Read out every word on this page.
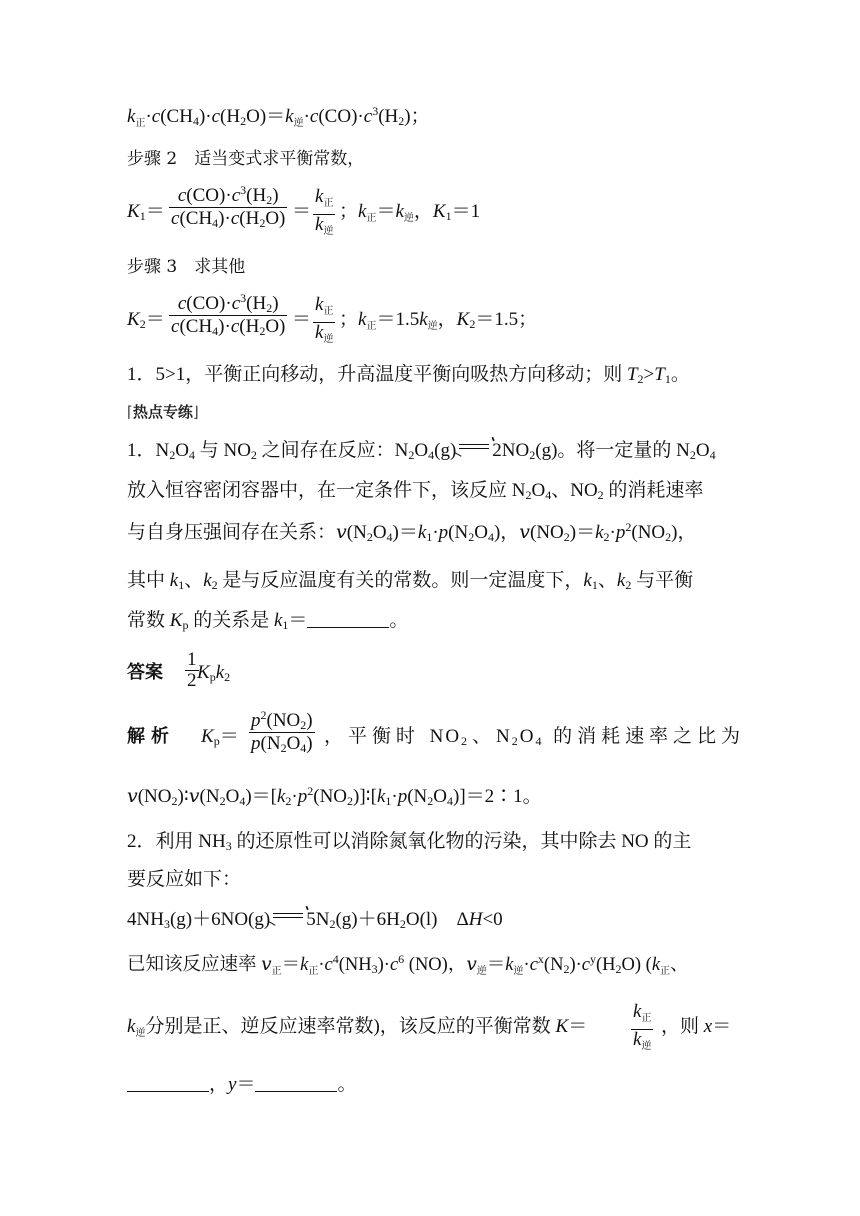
$k_正\cdot c(CH_4)\cdot c(H_2O)=k_逆\cdot c(CO)\cdot c^3(H_2)$；
步骤 2　适当变式求平衡常数，
$K_1= \frac{c(CO)\cdot c^3(H_2)}{c(CH_4)\cdot c(H_2O)}$ ＝
$k_正$
$k_逆$
；$k_正=k_逆$，$K_1=1$
步骤 3　求其他
$K_2= \frac{c(CO)\cdot c^3(H_2)}{c(CH_4)\cdot c(H_2O)}$ ＝
$k_正$
$k_逆$
；$k_正=1.5k_逆$，$K_2=1.5$；
1．5>1，平衡正向移动，升高温度平衡向吸热方向移动；则 $T_2>T_1$。
⌈热点专练⌋
1．$N_2O_4$ 与 $NO_2$ 之间存在反应：$N_2O_4(g)\to 2NO_2(g)$。将一定量的 $N_2O_4$
放入恒容密闭容器中，在一定条件下，该反应 $N_2O_4$、$NO_2$ 的消耗速率
与自身压强间存在关系：$v(N_2O_4)=k_1\cdot p(N_2O_4)$，$v(NO_2)=k_2\cdot p^2(NO_2)$，
其中 $k_1$、$k_2$ 是与反应温度有关的常数。则一定温度下，$k_1$、$k_2$ 与平衡
常数 $K_p$ 的关系是 $k_1=$	。
答案 $\frac{1}{2}$
$K_pk_2$
解析 $K_p= \frac{p^2(NO_2)}{p(N_2O_4)}$ ，平衡时 $NO_2$、$N_2O_4$ 的消耗速率之比为
$v(NO_2)∶v(N_2O_4)=[k_2\cdot p^2(NO_2)]∶[k_1\cdot p(N_2O_4)]=2∶1$。
2．利用 $NH_3$ 的还原性可以消除氮氧化物的污染，其中除去 NO 的主
要反应如下：
$4NH_3(g)+6NO(g)\to 5N_2(g)+6H_2O(l)$　ΔH<0
已知该反应速率 $v_正=k_正\cdot c^4(NH_3)\cdot c^6$ (NO)，$v_逆=k_逆\cdot c^x(N_2)\cdot c^y(H_2O)$ ($k_正$、
$k_逆$分别是正、逆反应速率常数)，该反应的平衡常数 K＝
$k_正$
$k_逆$
，则 x＝
，y＝	。
